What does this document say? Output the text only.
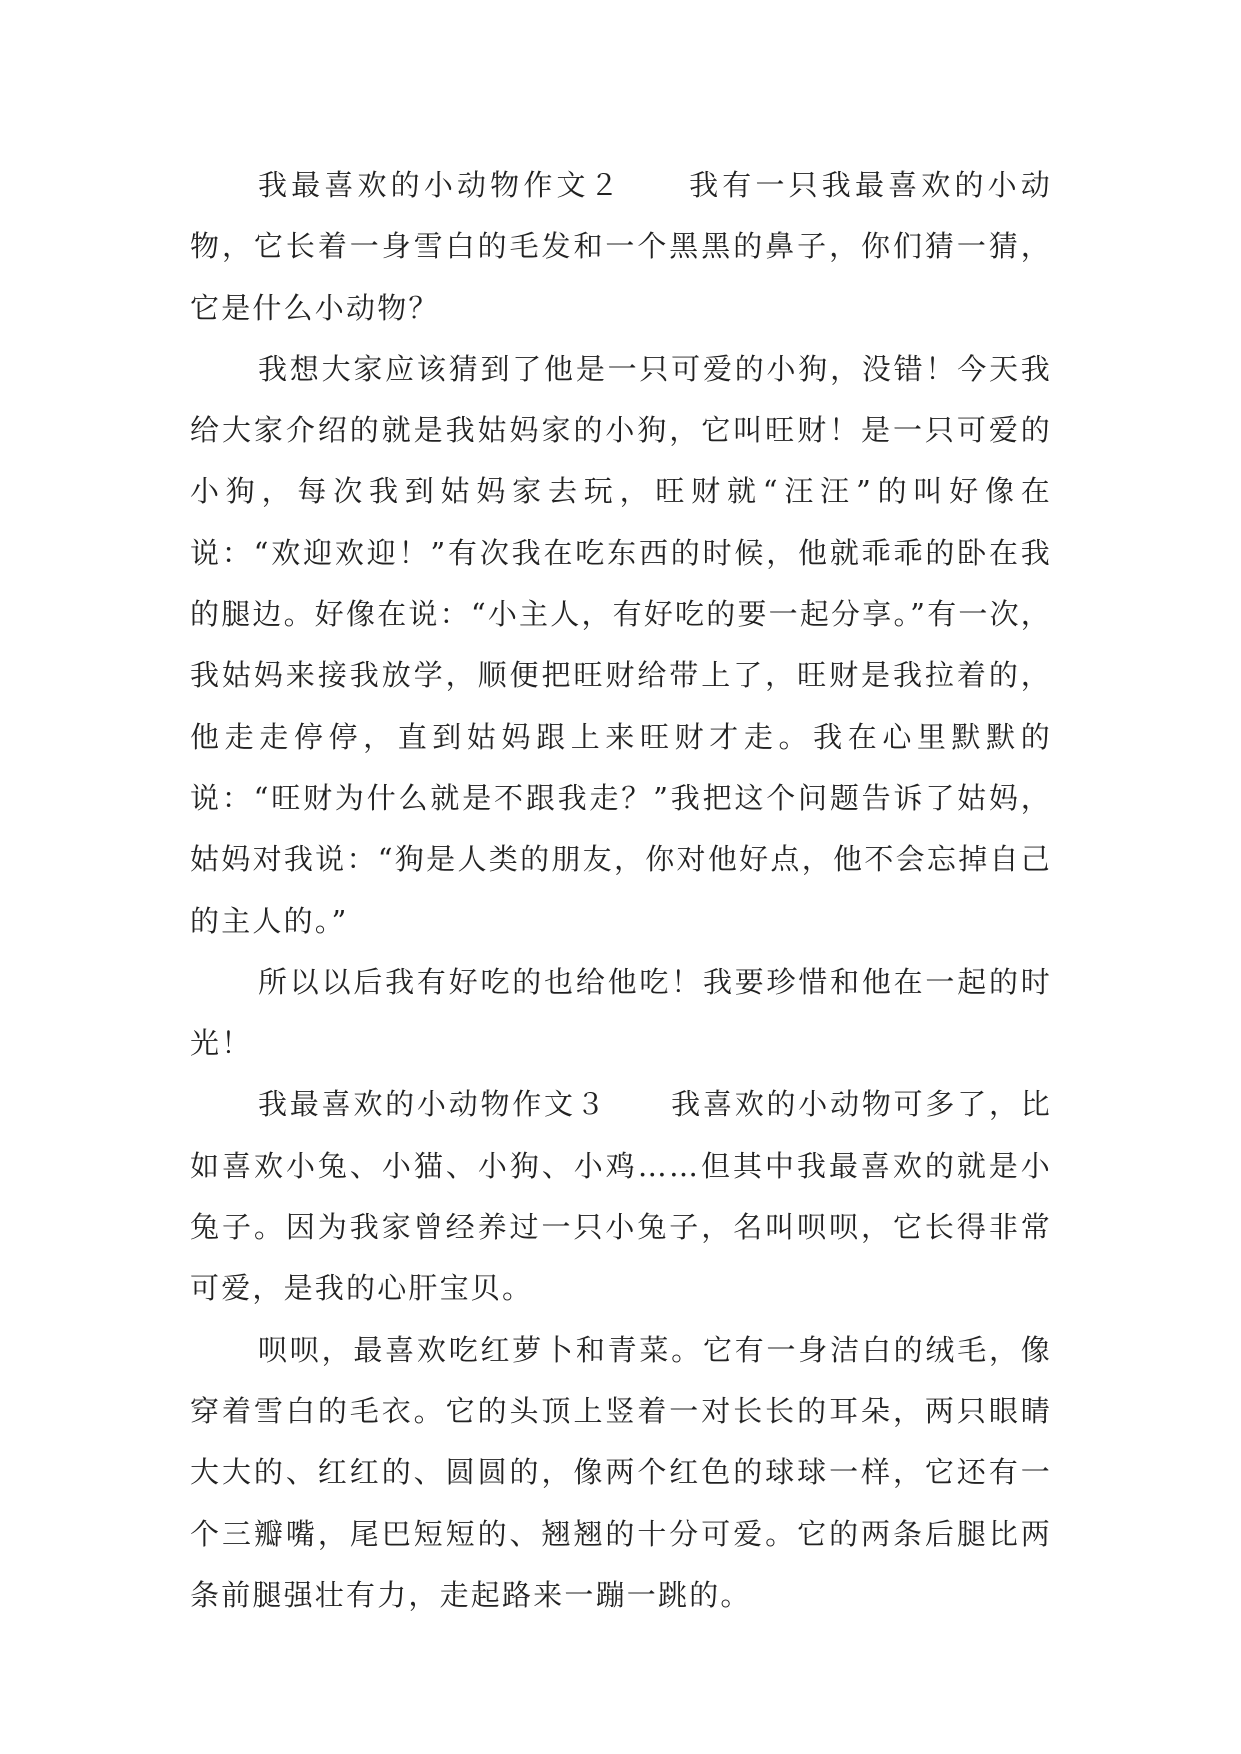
我最喜欢的小动物作文２　　我有一只我最喜欢的小动物，它长着一身雪白的毛发和一个黑黑的鼻子，你们猜一猜，它是什么小动物？

我想大家应该猜到了他是一只可爱的小狗，没错！今天我给大家介绍的就是我姑妈家的小狗，它叫旺财！是一只可爱的小狗，每次我到姑妈家去玩，旺财就“汪汪”的叫好像在说：“欢迎欢迎！”有次我在吃东西的时候，他就乖乖的卧在我的腿边。好像在说：“小主人，有好吃的要一起分享。”有一次，我姑妈来接我放学，顺便把旺财给带上了，旺财是我拉着的，他走走停停，直到姑妈跟上来旺财才走。我在心里默默的说：“旺财为什么就是不跟我走？”我把这个问题告诉了姑妈，姑妈对我说：“狗是人类的朋友，你对他好点，他不会忘掉自己的主人的。”

所以以后我有好吃的也给他吃！我要珍惜和他在一起的时光！

我最喜欢的小动物作文３　　我喜欢的小动物可多了，比如喜欢小兔、小猫、小狗、小鸡……但其中我最喜欢的就是小兔子。因为我家曾经养过一只小兔子，名叫呗呗，它长得非常可爱，是我的心肝宝贝。

呗呗，最喜欢吃红萝卜和青菜。它有一身洁白的绒毛，像穿着雪白的毛衣。它的头顶上竖着一对长长的耳朵，两只眼睛大大的、红红的、圆圆的，像两个红色的球球一样，它还有一个三瓣嘴，尾巴短短的、翘翘的十分可爱。它的两条后腿比两条前腿强壮有力，走起路来一蹦一跳的。
